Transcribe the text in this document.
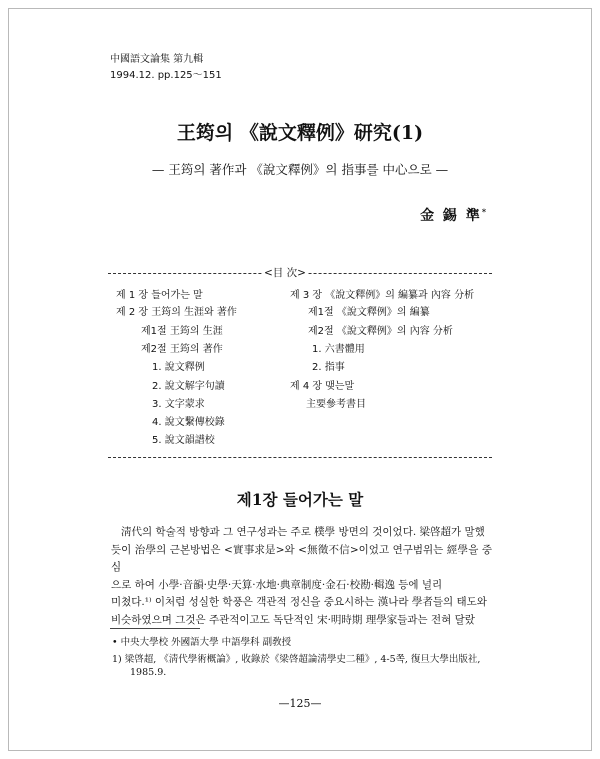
中國語文論集 第九輯
1994.12. pp.125～151
王筠의 《說文釋例》研究(1)
— 王筠의 著作과 《說文釋例》의 指事를 中心으로 —
金 錫 準*
<目 次>
제 1 장 들어가는 말
제 2 장 王筠의 生涯와 著作
제1절 王筠의 生涯
제2절 王筠의 著作
1. 說文釋例
2. 說文解字句讀
3. 文字蒙求
4. 說文繫傳校錄
5. 說文韻譜校
제 3 장 《說文釋例》의 編纂과 內容 分析
제1절 《說文釋例》의 編纂
제2절 《說文釋例》의 內容 分析
1. 六書體用
2. 指事
제 4 장 맺는말
主要參考書目
제1장 들어가는 말

淸代의 학술적 방향과 그 연구성과는 주로 樸學 방면의 것이었다. 梁啓超가 말했

듯이 治學의 근본방법은 <實事求是>와 <無徵不信>이었고 연구범위는 經學을 중심

으로 하여 小學·音韻·史學·天算·水地·典章制度·金石·校勘·輯逸 등에 널리

미쳤다.¹⁾ 이처럼 성실한 학풍은 객관적 정신을 중요시하는 漢나라 學者들의 태도와

비슷하였으며 그것은 주관적이고도 독단적인 宋·明時期 理學家들과는 전혀 달랐

• 中央大學校 外國語大學 中語學科 副敎授
1) 梁啓超, 《淸代學術概論》, 收錄於《梁啓超論淸學史二種》, 4-5쪽, 復旦大學出版社,
1985.9.
—125—
